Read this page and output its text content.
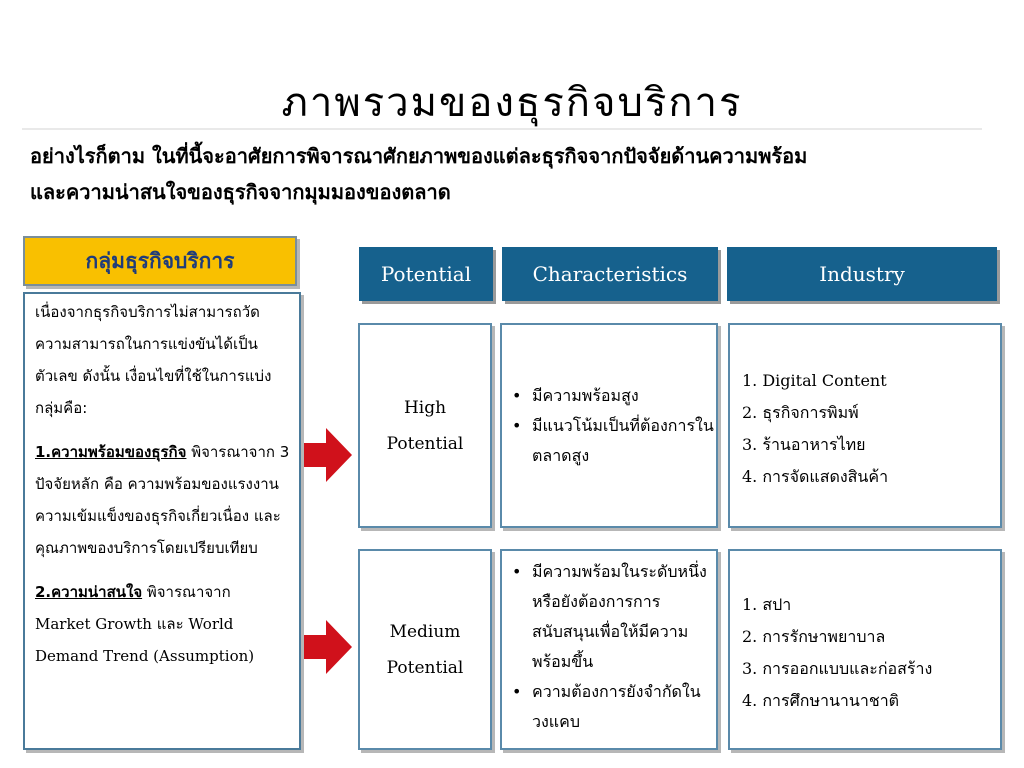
ภาพรวมของธุรกิจบริการ
อย่างไรก็ตาม ในที่นี้จะอาศัยการพิจารณาศักยภาพของแต่ละธุรกิจจากปัจจัยด้านความพร้อม
และความน่าสนใจของธุรกิจจากมุมมองของตลาด
กลุ่มธุรกิจบริการ

เนื่องจากธุรกิจบริการไม่สามารถวัดความสามารถในการแข่งขันได้เป็นตัวเลข ดังนั้น เงื่อนไขที่ใช้ในการแบ่งกลุ่มคือ:

1.ความพร้อมของธุรกิจ พิจารณาจาก 3 ปัจจัยหลัก คือ ความพร้อมของแรงงาน ความเข้มแข็งของธุรกิจเกี่ยวเนื่อง และคุณภาพของบริการโดยเปรียบเทียบ

2.ความน่าสนใจ พิจารณาจาก
Market Growth และ World Demand Trend (Assumption)

Potential	Characteristics	Industry
High
Potential
• มีความพร้อมสูง
• มีแนวโน้มเป็นที่ต้องการในตลาดสูง
1. Digital Content
2. ธุรกิจการพิมพ์
3. ร้านอาหารไทย
4. การจัดแสดงสินค้า
Medium
Potential
• มีความพร้อมในระดับหนึ่งหรือยังต้องการการสนับสนุนเพื่อให้มีความพร้อมขึ้น
• ความต้องการยังจำกัดในวงแคบ
1. สปา
2. การรักษาพยาบาล
3. การออกแบบและก่อสร้าง
4. การศึกษานานาชาติ
